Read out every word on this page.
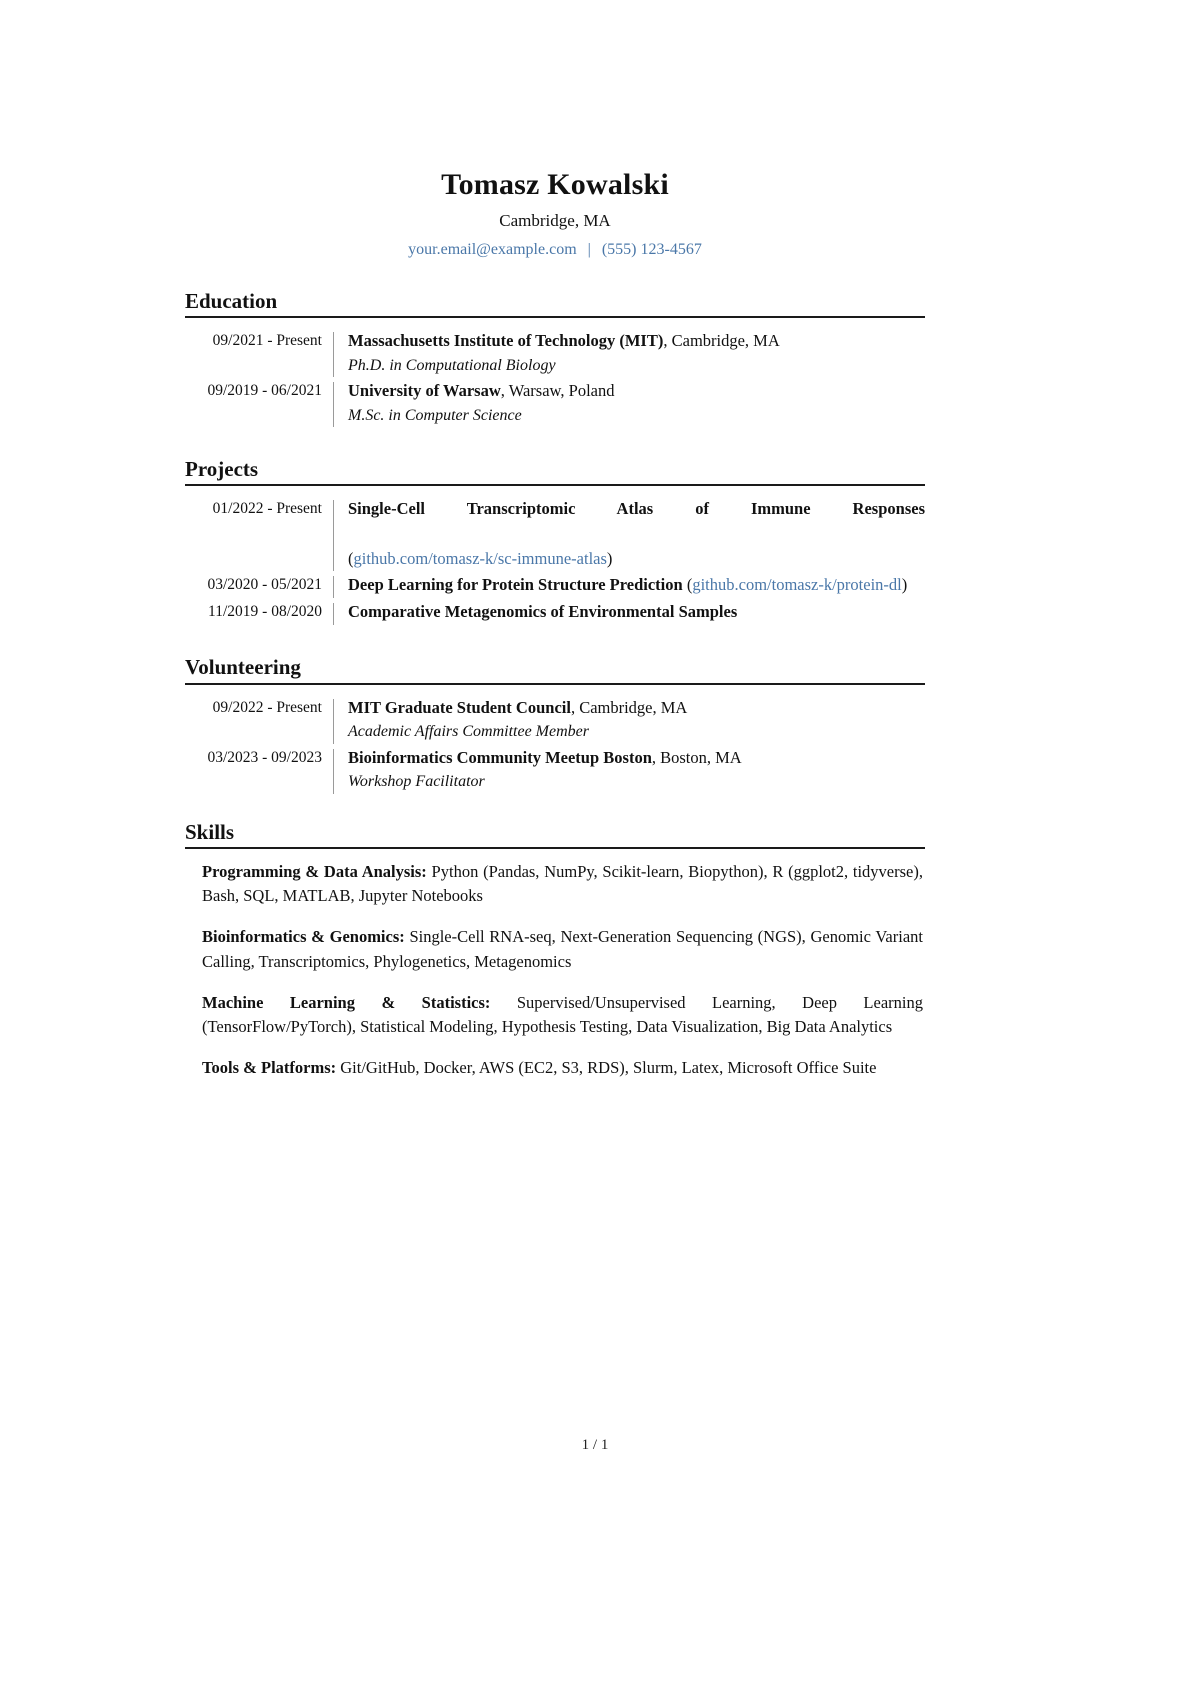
Tomasz Kowalski
Cambridge, MA
your.email@example.com | (555) 123-4567
Education
09/2021 - Present	Massachusetts Institute of Technology (MIT), Cambridge, MA
Ph.D. in Computational Biology
09/2019 - 06/2021	University of Warsaw, Warsaw, Poland
M.Sc. in Computer Science
Projects
01/2022 - Present	Single-Cell Transcriptomic Atlas of Immune Responses
(github.com/tomasz-k/sc-immune-atlas)
03/2020 - 05/2021	Deep Learning for Protein Structure Prediction (github.com/tomasz-k/protein-dl)
11/2019 - 08/2020	Comparative Metagenomics of Environmental Samples
Volunteering
09/2022 - Present	MIT Graduate Student Council, Cambridge, MA
Academic Affairs Committee Member
03/2023 - 09/2023	Bioinformatics Community Meetup Boston, Boston, MA
Workshop Facilitator
Skills
Programming & Data Analysis: Python (Pandas, NumPy, Scikit-learn, Biopython), R (ggplot2, tidyverse), Bash, SQL, MATLAB, Jupyter Notebooks
Bioinformatics & Genomics: Single-Cell RNA-seq, Next-Generation Sequencing (NGS), Genomic Variant Calling, Transcriptomics, Phylogenetics, Metagenomics
Machine Learning & Statistics: Supervised/Unsupervised Learning, Deep Learning (TensorFlow/PyTorch), Statistical Modeling, Hypothesis Testing, Data Visualization, Big Data Analytics
Tools & Platforms: Git/GitHub, Docker, AWS (EC2, S3, RDS), Slurm, Latex, Microsoft Office Suite
1 / 1
